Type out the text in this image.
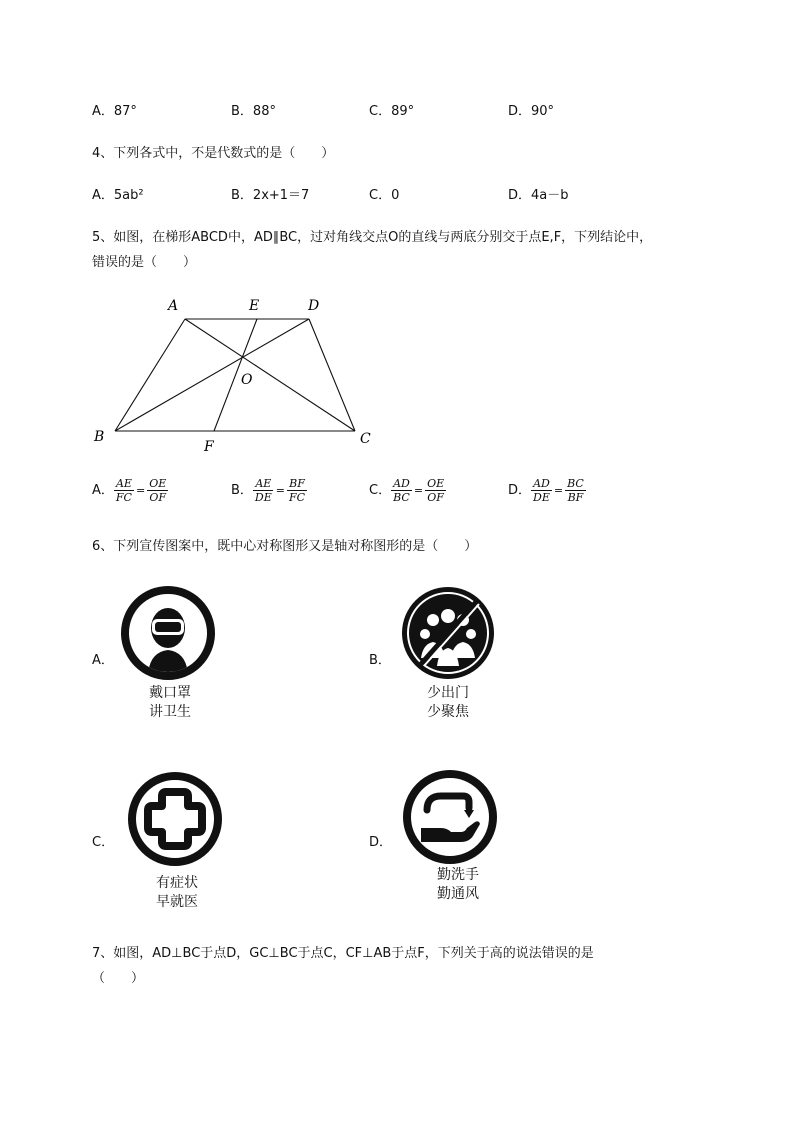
A．87°	B．88°	C．89°	D．90°
4、下列各式中，不是代数式的是（　　）
A．5ab²	B．2x+1＝7	C．0	D．4a－b
5、如图，在梯形ABCD中，AD∥BC，过对角线交点O的直线与两底分别交于点E,F，下列结论中，
错误的是（　　）
A	E	D
O
B
F	C
A． $\frac{AE}{FC} = \frac{OE}{OF}$	B． $\frac{AE}{DE} = \frac{BF}{FC}$	C． $\frac{AD}{BC} = \frac{OE}{OF}$	D． $\frac{AD}{DE} = \frac{BC}{BF}$
6、下列宣传图案中，既中心对称图形又是轴对称图形的是（　　）
A．
戴口罩
讲卫生
B．
少出门
少聚焦
C．
有症状
早就医
D．
勤洗手
勤通风
7、如图，AD⊥BC于点D，GC⊥BC于点C，CF⊥AB于点F，下列关于高的说法错误的是
（　　）
